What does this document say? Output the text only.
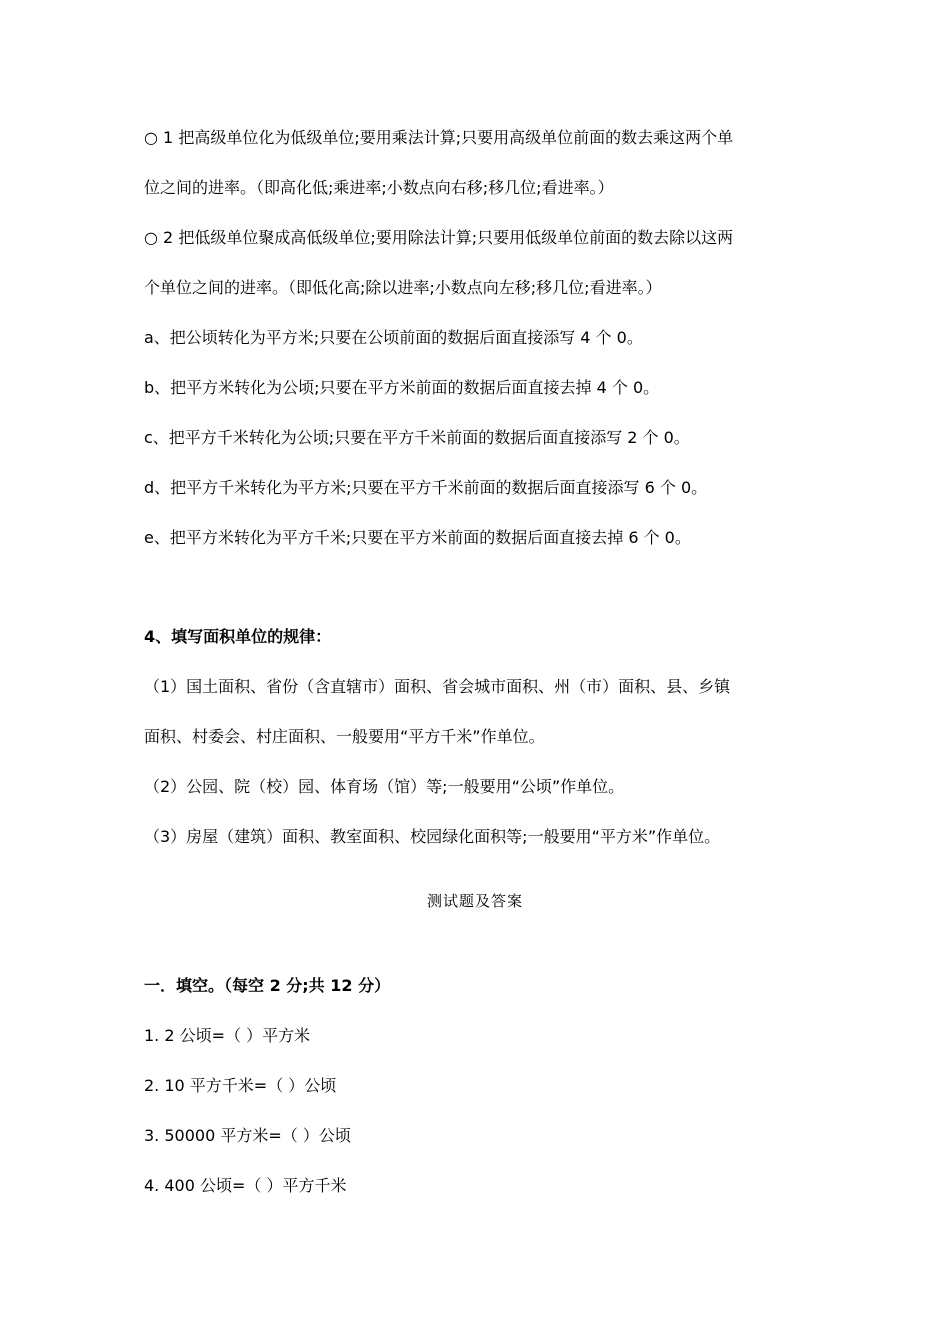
○ 1 把高级单位化为低级单位;要用乘法计算;只要用高级单位前面的数去乘这两个单
位之间的进率。（即高化低;乘进率;小数点向右移;移几位;看进率。）
○ 2 把低级单位聚成高低级单位;要用除法计算;只要用低级单位前面的数去除以这两
个单位之间的进率。（即低化高;除以进率;小数点向左移;移几位;看进率。）
a、把公顷转化为平方米;只要在公顷前面的数据后面直接添写 4 个 0。
b、把平方米转化为公顷;只要在平方米前面的数据后面直接去掉 4 个 0。
c、把平方千米转化为公顷;只要在平方千米前面的数据后面直接添写 2 个 0。
d、把平方千米转化为平方米;只要在平方千米前面的数据后面直接添写 6 个 0。
e、把平方米转化为平方千米;只要在平方米前面的数据后面直接去掉 6 个 0。
4、填写面积单位的规律：
（1）国土面积、省份（含直辖市）面积、省会城市面积、州（市）面积、县、乡镇
面积、村委会、村庄面积、一般要用“平方千米”作单位。
（2）公园、院（校）园、体育场（馆）等;一般要用“公顷”作单位。
（3）房屋（建筑）面积、教室面积、校园绿化面积等;一般要用“平方米”作单位。
测试题及答案
一．填空。（每空 2 分;共 12 分）
1. 2 公顷=（ ）平方米
2. 10 平方千米=（ ）公顷
3. 50000 平方米=（ ）公顷
4. 400 公顷=（ ）平方千米
